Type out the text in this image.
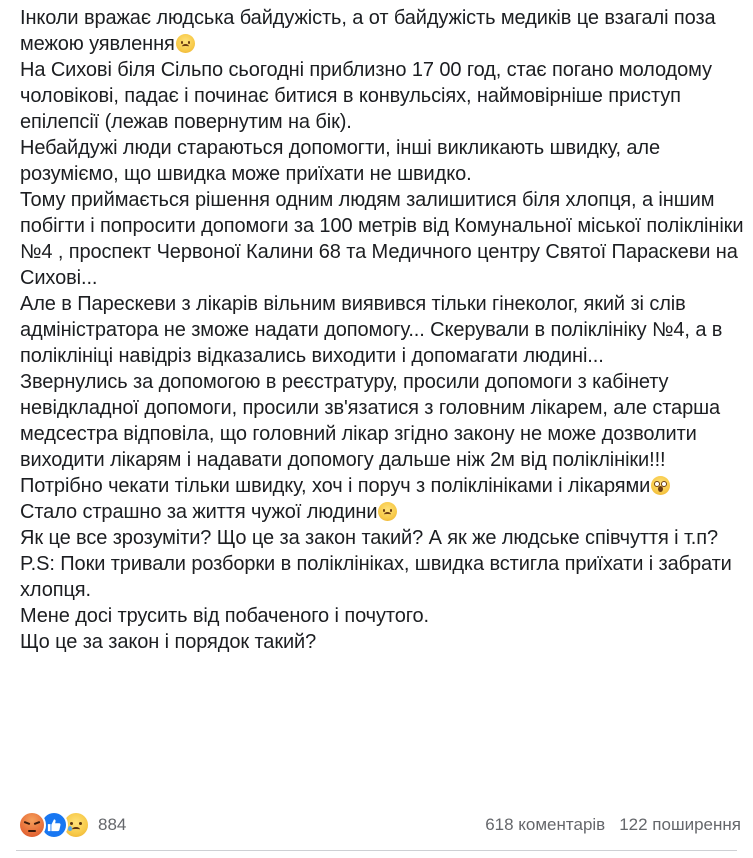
Інколи вражає людська байдужість, а от байдужість медиків це взагалі поза межою уявлення

На Сихові біля Сільпо сьогодні приблизно 17 00 год, стає погано молодому чоловікові, падає і починає битися в конвульсіях, наймовірніше приступ епілепсії (лежав повернутим на бік).

Небайдужі люди стараються допомогти, інші викликають швидку, але розуміємо, що швидка може приїхати не швидко.

Тому приймається рішення одним людям залишитися біля хлопця, а іншим побігти і попросити допомоги за 100 метрів від Комунальної міської поліклініки №4 , проспект Червоної Калини 68 та Медичного центру Святої Параскеви на Сихові...

Але в Парескеви з лікарів вільним виявився тільки гінеколог, який зі слів адміністратора не зможе надати допомогу... Скерували в поліклініку №4, а в поліклініці навідріз відказались виходити і допомагати людині...

Звернулись за допомогою в реєстратуру, просили допомоги з кабінету невідкладної допомоги, просили зв'язатися з головним лікарем, але старша медсестра відповіла, що головний лікар згідно закону не може дозволити виходити лікарям і надавати допомогу дальше ніж 2м від поліклініки!!!

Потрібно чекати тільки швидку, хоч і поруч з поліклініками і лікарями

Стало страшно за життя чужої людини

Як це все зрозуміти? Що це за закон такий? А як же людське співчуття і т.п?

P.S: Поки тривали розборки в поліклініках, швидка встигла приїхати і забрати хлопця.

Мене досі трусить від побаченого і почутого.

Що це за закон і порядок такий?

884	618 коментарів 122 поширення
